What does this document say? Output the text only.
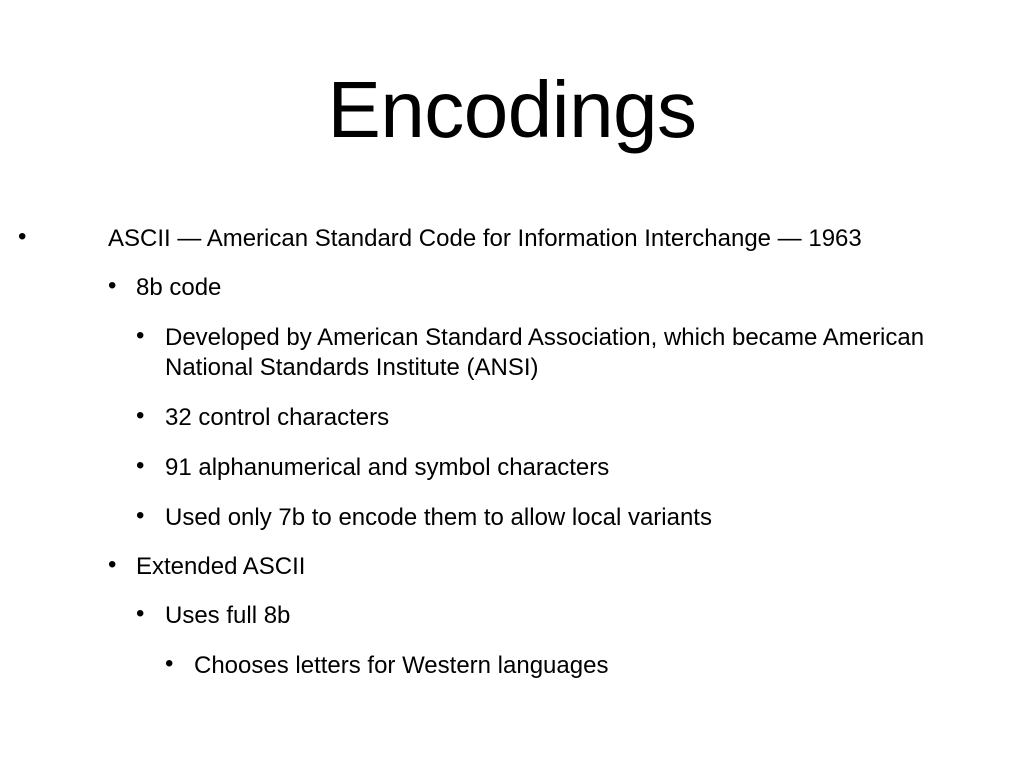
Encodings
•	ASCII — American Standard Code for Information Interchange — 1963
• 8b code
• Developed by American Standard Association, which became American National Standards Institute (ANSI)
• 32 control characters
• 91 alphanumerical and symbol characters
• Used only 7b to encode them to allow local variants
• Extended ASCII
• Uses full 8b
• Chooses letters for Western languages
